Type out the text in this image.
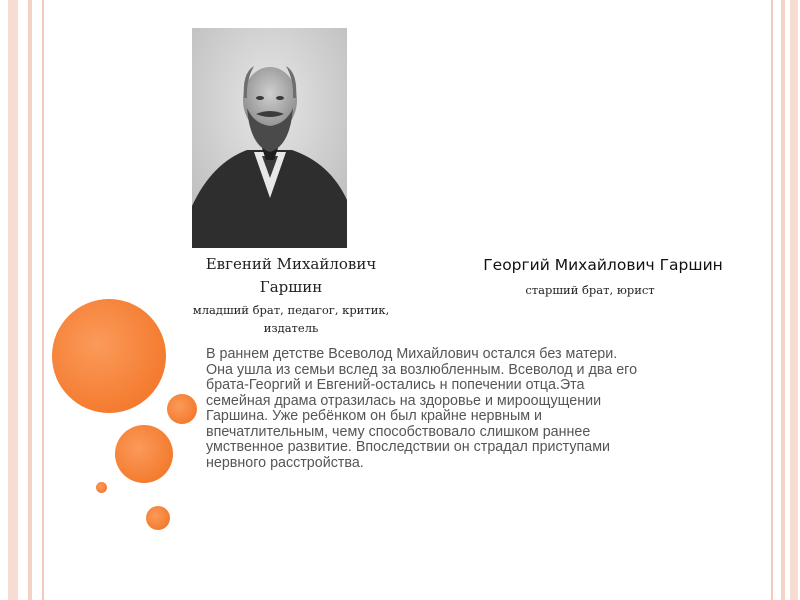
Евгений Михайлович
Гаршин
младший брат, педагог, критик,
издатель
Георгий Михайлович Гаршин
старший брат, юрист
В раннем детстве Всеволод Михайлович остался без матери.
Она ушла из семьи вслед за возлюбленным. Всеволод и два его
брата-Георгий и Евгений-остались н попечении отца.Эта
семейная драма отразилась на здоровье и мироощущении
Гаршина. Уже ребёнком он был крайне нервным и
впечатлительным, чему способствовало слишком раннее
умственное развитие. Впоследствии он страдал приступами
нервного расстройства.
